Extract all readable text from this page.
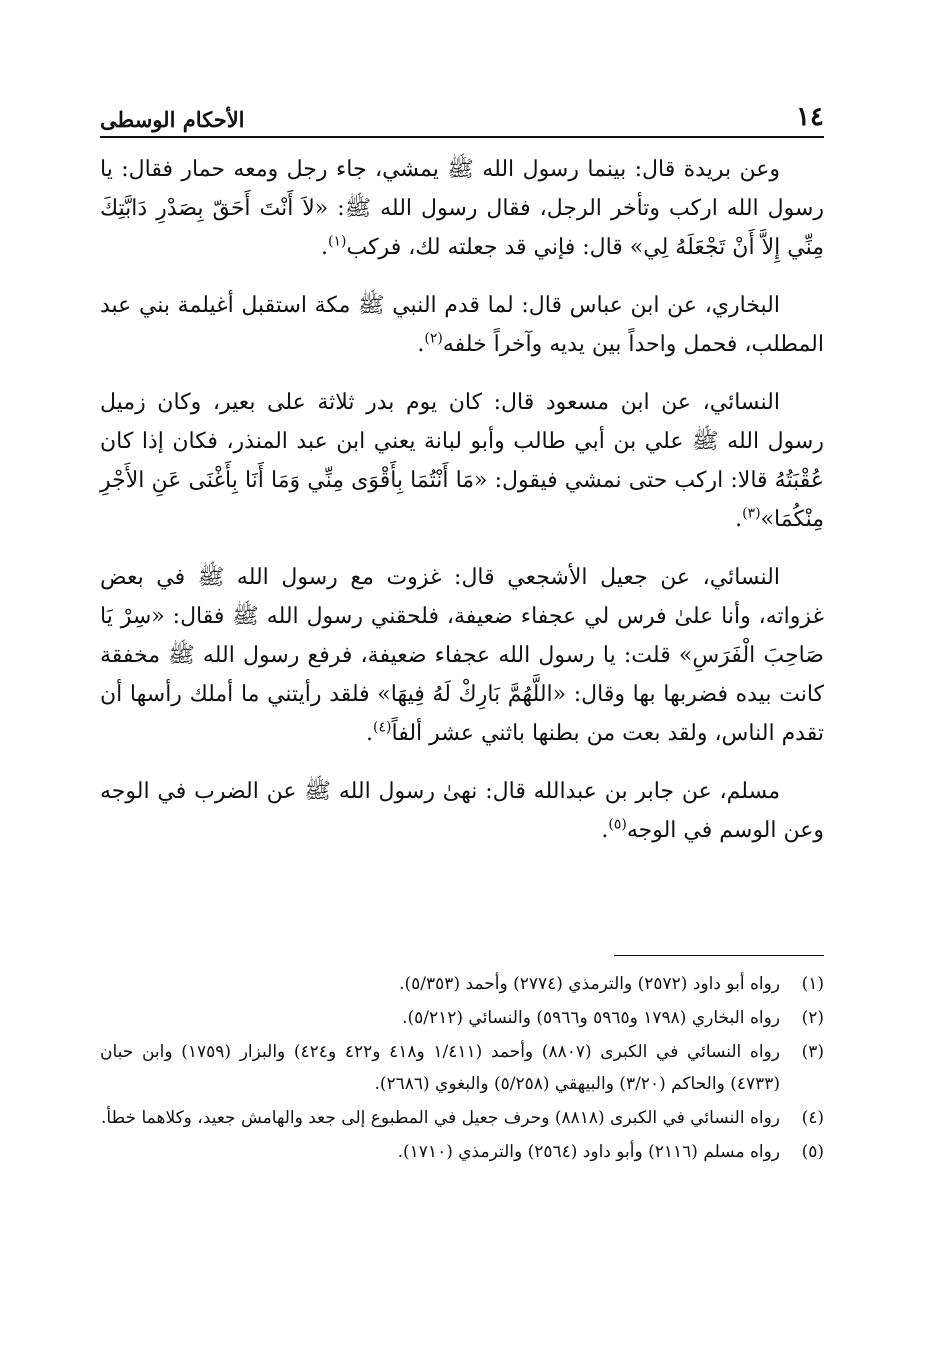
الأحكام الوسطى	١٤

وعن بريدة قال: بينما رسول الله ﷺ يمشي، جاء رجل ومعه حمار فقال: يا رسول الله اركب وتأخر الرجل، فقال رسول الله ﷺ: «لاَ أَنْتَ أَحَقّ بِصَدْرِ دَابَّتِكَ مِنِّي إِلاَّ أَنْ تَجْعَلَهُ لِي» قال: فإني قد جعلته لك، فركب$^{(١)}$.

البخاري، عن ابن عباس قال: لما قدم النبي ﷺ مكة استقبل أغيلمة بني عبد المطلب، فحمل واحداً بين يديه وآخراً خلفه$^{(٢)}$.

النسائي، عن ابن مسعود قال: كان يوم بدر ثلاثة على بعير، وكان زميل رسول الله ﷺ علي بن أبي طالب وأبو لبانة يعني ابن عبد المنذر، فكان إذا كان عُقْبَتُهُ قالا: اركب حتى نمشي فيقول: «مَا أَنْتُمَا بِأَقْوَى مِنِّي وَمَا أَنَا بِأَغْنَى عَنِ الأَجْرِ مِنْكُمَا»$^{(٣)}$.

النسائي، عن جعيل الأشجعي قال: غزوت مع رسول الله ﷺ في بعض غزواته، وأنا علىٰ فرس لي عجفاء ضعيفة، فلحقني رسول الله ﷺ فقال: «سِرْ يَا صَاحِبَ الْفَرَسِ» قلت: يا رسول الله عجفاء ضعيفة، فرفع رسول الله ﷺ مخفقة كانت بيده فضربها بها وقال: «اللَّهُمَّ بَارِكْ لَهُ فِيهَا» فلقد رأيتني ما أملك رأسها أن تقدم الناس، ولقد بعت من بطنها باثني عشر ألفاً$^{(٤)}$.

مسلم، عن جابر بن عبدالله قال: نهىٰ رسول الله ﷺ عن الضرب في الوجه وعن الوسم في الوجه$^{(٥)}$.

(١)
رواه أبو داود (٢٥٧٢) والترمذي (٢٧٧٤) وأحمد (٥/٣٥٣).
(٢)
رواه البخاري (١٧٩٨ و٥٩٦٥ و٥٩٦٦) والنسائي (٥/٢١٢).
(٣)
رواه النسائي في الكبرى (٨٨٠٧) وأحمد (١/٤١١ و٤١٨ و٤٢٢ و٤٢٤) والبزار (١٧٥٩) وابن حبان (٤٧٣٣) والحاكم (٣/٢٠) والبيهقي (٥/٢٥٨) والبغوي (٢٦٨٦).
(٤)
رواه النسائي في الكبرى (٨٨١٨) وحرف جعيل في المطبوع إلى جعد والهامش جعيد، وكلاهما خطأ.
(٥)
رواه مسلم (٢١١٦) وأبو داود (٢٥٦٤) والترمذي (١٧١٠).
